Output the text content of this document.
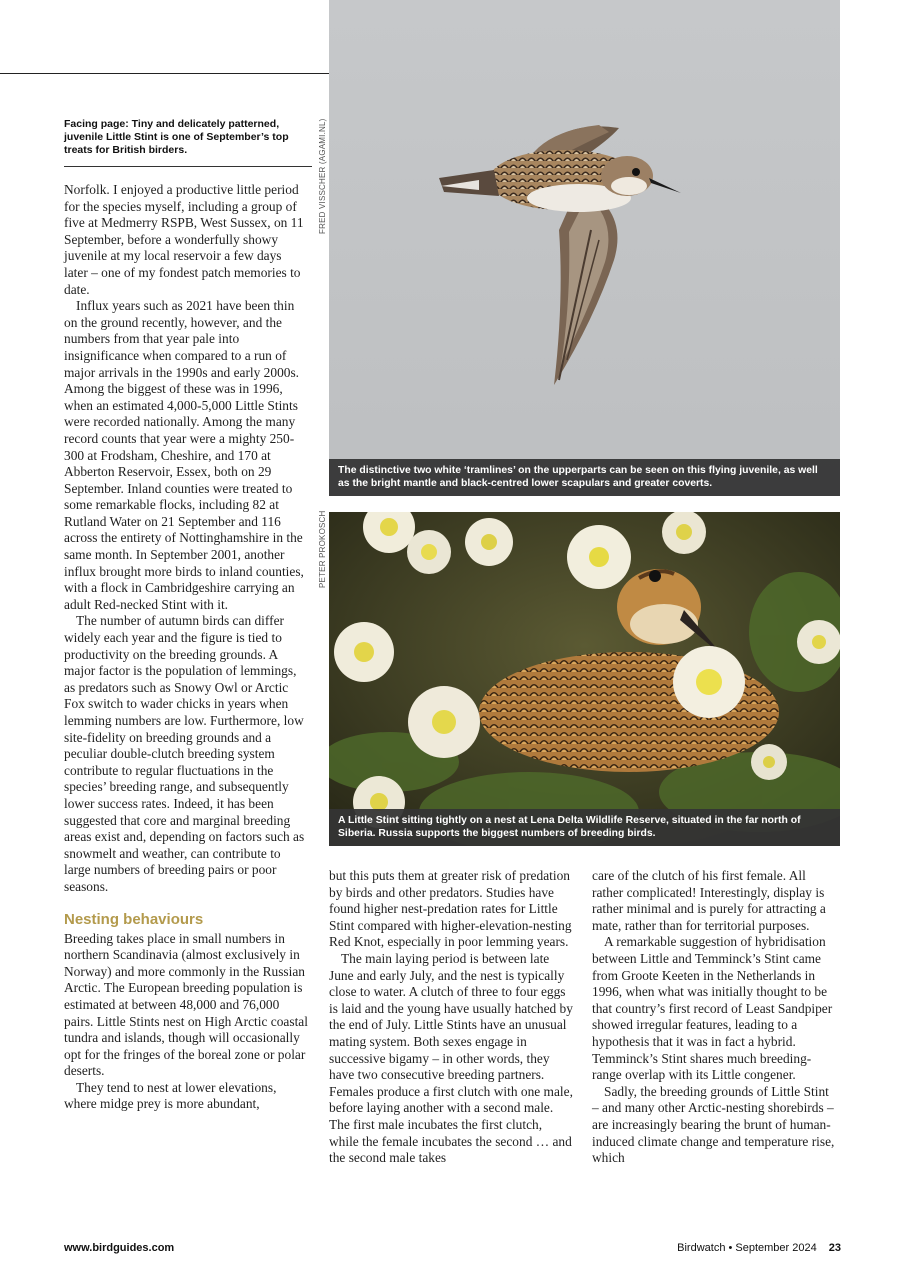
Facing page: Tiny and delicately patterned, juvenile Little Stint is one of September’s top treats for British birders.

Norfolk. I enjoyed a productive little period for the species myself, including a group of five at Medmerry RSPB, West Sussex, on 11 September, before a wonderfully showy juvenile at my local reservoir a few days later – one of my fondest patch memories to date.

Influx years such as 2021 have been thin on the ground recently, however, and the numbers from that year pale into insignificance when compared to a run of major arrivals in the 1990s and early 2000s. Among the biggest of these was in 1996, when an estimated 4,000-5,000 Little Stints were recorded nationally. Among the many record counts that year were a mighty 250-300 at Frodsham, Cheshire, and 170 at Abberton Reservoir, Essex, both on 29 September. Inland counties were treated to some remarkable flocks, including 82 at Rutland Water on 21 September and 116 across the entirety of Nottinghamshire in the same month. In September 2001, another influx brought more birds to inland counties, with a flock in Cambridgeshire carrying an adult Red-necked Stint with it.

The number of autumn birds can differ widely each year and the figure is tied to productivity on the breeding grounds. A major factor is the population of lemmings, as predators such as Snowy Owl or Arctic Fox switch to wader chicks in years when lemming numbers are low. Furthermore, low site-fidelity on breeding grounds and a peculiar double-clutch breeding system contribute to regular fluctuations in the species’ breeding range, and subsequently lower success rates. Indeed, it has been suggested that core and marginal breeding areas exist and, depending on factors such as snowmelt and weather, can contribute to large numbers of breeding pairs or poor seasons.

Nesting behaviours

Breeding takes place in small numbers in northern Scandinavia (almost exclusively in Norway) and more commonly in the Russian Arctic. The European breeding population is estimated at between 48,000 and 76,000 pairs. Little Stints nest on High Arctic coastal tundra and islands, though will occasionally opt for the fringes of the boreal zone or polar deserts.

They tend to nest at lower elevations, where midge prey is more abundant,

The distinctive two white ‘tramlines’ on the upperparts can be seen on this flying juvenile, as well as the bright mantle and black-centred lower scapulars and greater coverts.
A Little Stint sitting tightly on a nest at Lena Delta Wildlife Reserve, situated in the far north of Siberia. Russia supports the biggest numbers of breeding birds.
FRED VISSCHER (AGAMI.NL)
PETER PROKOSCH

but this puts them at greater risk of predation by birds and other predators. Studies have found higher nest-predation rates for Little Stint compared with higher-elevation-nesting Red Knot, especially in poor lemming years.

The main laying period is between late June and early July, and the nest is typically close to water. A clutch of three to four eggs is laid and the young have usually hatched by the end of July. Little Stints have an unusual mating system. Both sexes engage in successive bigamy – in other words, they have two consecutive breeding partners. Females produce a first clutch with one male, before laying another with a second male. The first male incubates the first clutch, while the female incubates the second … and the second male takes

care of the clutch of his first female. All rather complicated! Interestingly, display is rather minimal and is purely for attracting a mate, rather than for territorial purposes.

A remarkable suggestion of hybridisation between Little and Temminck’s Stint came from Groote Keeten in the Netherlands in 1996, when what was initially thought to be that country’s first record of Least Sandpiper showed irregular features, leading to a hypothesis that it was in fact a hybrid. Temminck’s Stint shares much breeding-range overlap with its Little congener.

Sadly, the breeding grounds of Little Stint – and many other Arctic-nesting shorebirds – are increasingly bearing the brunt of human-induced climate change and temperature rise, which

www.birdguides.com	Birdwatch • September 2024 23
